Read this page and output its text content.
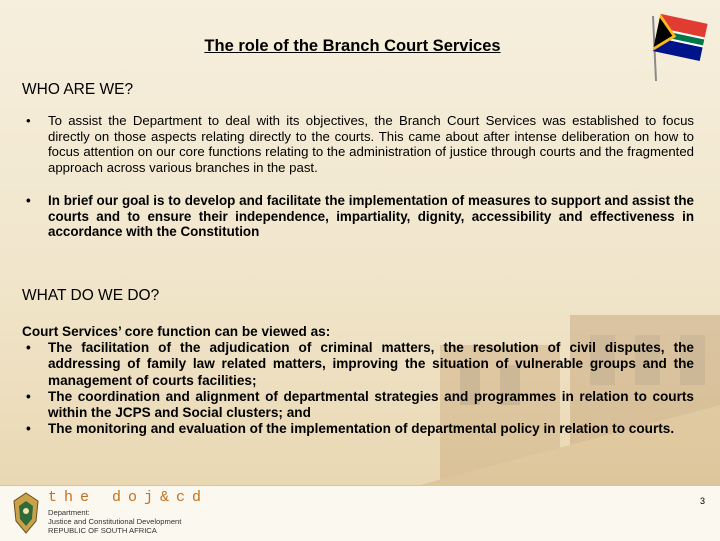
The role of the Branch Court Services
WHO ARE WE?
• To assist the Department to deal with its objectives, the Branch Court Services was established to focus directly on those aspects relating directly to the courts. This came about after intense deliberation on how to focus attention on our core functions relating to the administration of justice through courts and the fragmented approach across various branches in the past.
• In brief our goal is to develop and facilitate the implementation of measures to support and assist the courts and to ensure their independence, impartiality, dignity, accessibility and effectiveness in accordance with the Constitution
WHAT DO WE DO?
Court Services’ core function can be viewed as:
• The facilitation of the adjudication of criminal matters, the resolution of civil disputes, the addressing of family law related matters, improving the situation of vulnerable groups and the management of courts facilities;
• The coordination and alignment of departmental strategies and programmes in relation to courts within the JCPS and Social clusters; and
• The monitoring and evaluation of the implementation of departmental policy in relation to courts.
the doj&cd
Department:
Justice and Constitutional Development
REPUBLIC OF SOUTH AFRICA
3
